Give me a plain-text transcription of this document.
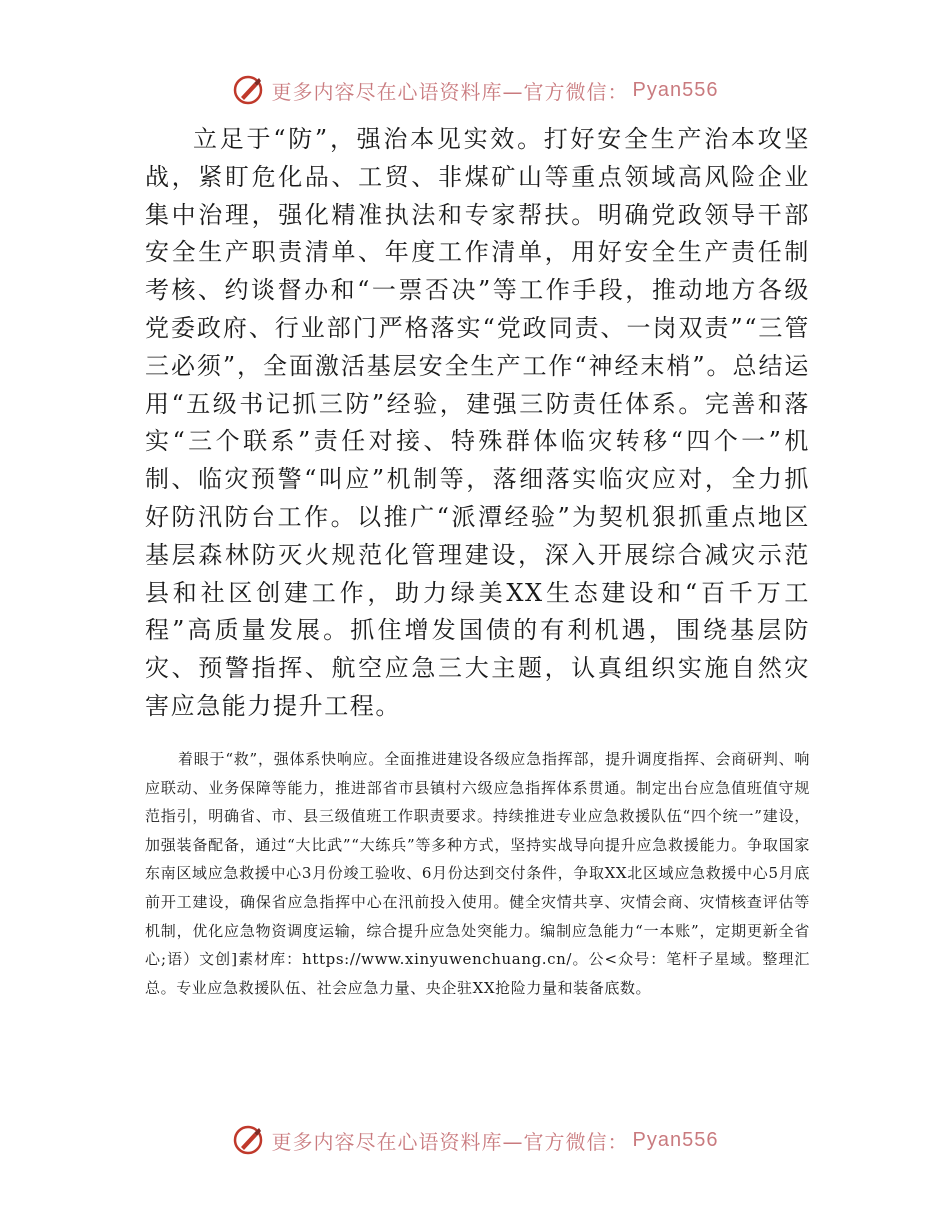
更多内容尽在心语资料库—官方微信： Pyan556

立足于“防”，强治本见实效。打好安全生产治本攻坚战，紧盯危化品、工贸、非煤矿山等重点领域高风险企业集中治理，强化精准执法和专家帮扶。明确党政领导干部安全生产职责清单、年度工作清单，用好安全生产责任制考核、约谈督办和“一票否决”等工作手段，推动地方各级党委政府、行业部门严格落实“党政同责、一岗双责”“三管三必须”，全面激活基层安全生产工作“神经末梢”。总结运用“五级书记抓三防”经验，建强三防责任体系。完善和落实“三个联系”责任对接、特殊群体临灾转移“四个一”机制、临灾预警“叫应”机制等，落细落实临灾应对，全力抓好防汛防台工作。以推广“派潭经验”为契机狠抓重点地区基层森林防灭火规范化管理建设，深入开展综合减灾示范县和社区创建工作，助力绿美XX生态建设和“百千万工程”高质量发展。抓住增发国债的有利机遇，围绕基层防灾、预警指挥、航空应急三大主题，认真组织实施自然灾害应急能力提升工程。

着眼于“救”，强体系快响应。全面推进建设各级应急指挥部，提升调度指挥、会商研判、响应联动、业务保障等能力，推进部省市县镇村六级应急指挥体系贯通。制定出台应急值班值守规范指引，明确省、市、县三级值班工作职责要求。持续推进专业应急救援队伍“四个统一”建设，加强装备配备，通过“大比武”“大练兵”等多种方式，坚持实战导向提升应急救援能力。争取国家东南区域应急救援中心3月份竣工验收、6月份达到交付条件，争取XX北区域应急救援中心5月底前开工建设，确保省应急指挥中心在汛前投入使用。健全灾情共享、灾情会商、灾情核查评估等机制，优化应急物资调度运输，综合提升应急处突能力。编制应急能力“一本账”，定期更新全省心;语）文创]素材库：https://www.xinyuwenchuang.cn/。公<众号：笔杆子星域。整理汇总。专业应急救援队伍、社会应急力量、央企驻XX抢险力量和装备底数。

更多内容尽在心语资料库—官方微信： Pyan556
